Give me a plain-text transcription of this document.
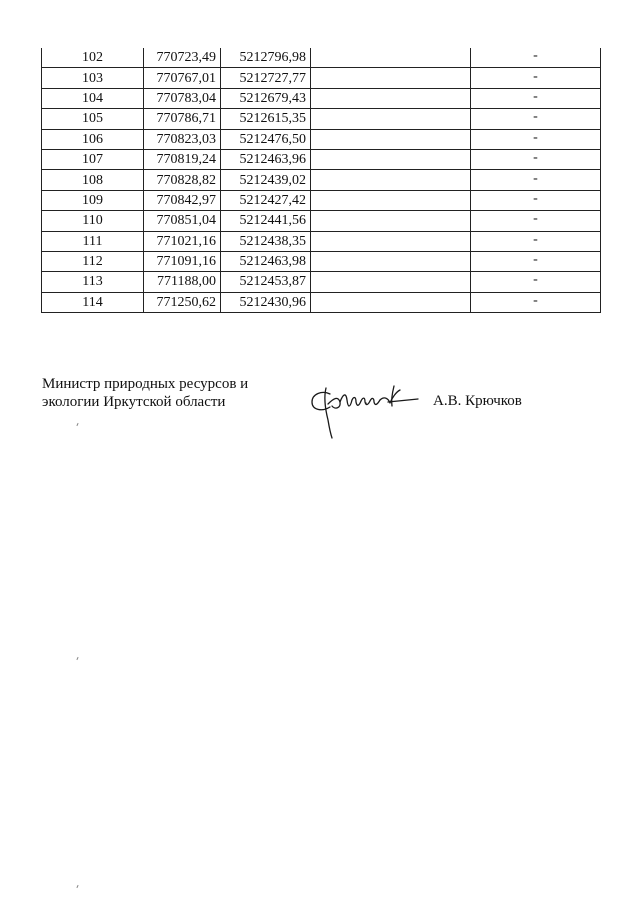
102	770723,49	5212796,98		-
103	770767,01	5212727,77		-
104	770783,04	5212679,43		-
105	770786,71	5212615,35		-
106	770823,03	5212476,50		-
107	770819,24	5212463,96		-
108	770828,82	5212439,02		-
109	770842,97	5212427,42		-
110	770851,04	5212441,56		-
111	771021,16	5212438,35		-
112	771091,16	5212463,98		-
113	771188,00	5212453,87		-
114	771250,62	5212430,96		-
Министр природных ресурсов и
экологии Иркутской области	А.В. Крючков
